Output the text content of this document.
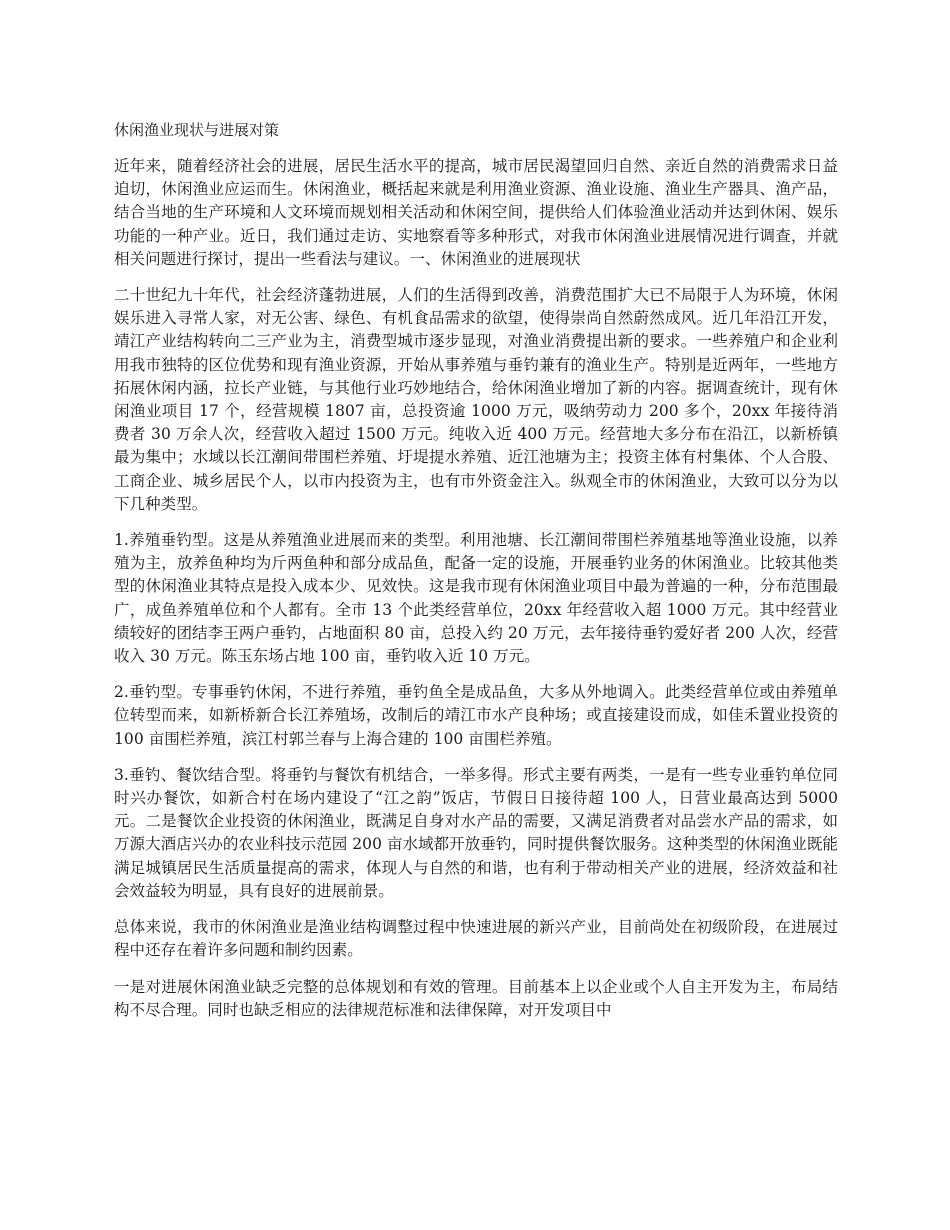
休闲渔业现状与进展对策

近年来，随着经济社会的进展，居民生活水平的提高，城市居民渴望回归自然、亲近自然的消费需求日益迫切，休闲渔业应运而生。休闲渔业，概括起来就是利用渔业资源、渔业设施、渔业生产器具、渔产品，结合当地的生产环境和人文环境而规划相关活动和休闲空间，提供给人们体验渔业活动并达到休闲、娱乐功能的一种产业。近日，我们通过走访、实地察看等多种形式，对我市休闲渔业进展情况进行调查，并就相关问题进行探讨，提出一些看法与建议。一、休闲渔业的进展现状

二十世纪九十年代，社会经济蓬勃进展，人们的生活得到改善，消费范围扩大已不局限于人为环境，休闲娱乐进入寻常人家，对无公害、绿色、有机食品需求的欲望，使得崇尚自然蔚然成风。近几年沿江开发，靖江产业结构转向二三产业为主，消费型城市逐步显现，对渔业消费提出新的要求。一些养殖户和企业利用我市独特的区位优势和现有渔业资源，开始从事养殖与垂钓兼有的渔业生产。特别是近两年，一些地方拓展休闲内涵，拉长产业链，与其他行业巧妙地结合，给休闲渔业增加了新的内容。据调查统计，现有休闲渔业项目 17 个，经营规模 1807 亩，总投资逾 1000 万元，吸纳劳动力 200 多个，20xx 年接待消费者 30 万余人次，经营收入超过 1500 万元。纯收入近 400 万元。经营地大多分布在沿江，以新桥镇最为集中；水域以长江潮间带围栏养殖、圩堤提水养殖、近江池塘为主；投资主体有村集体、个人合股、工商企业、城乡居民个人，以市内投资为主，也有市外资金注入。纵观全市的休闲渔业，大致可以分为以下几种类型。

1.养殖垂钓型。这是从养殖渔业进展而来的类型。利用池塘、长江潮间带围栏养殖基地等渔业设施，以养殖为主，放养鱼种均为斤两鱼种和部分成品鱼，配备一定的设施，开展垂钓业务的休闲渔业。比较其他类型的休闲渔业其特点是投入成本少、见效快。这是我市现有休闲渔业项目中最为普遍的一种，分布范围最广，成鱼养殖单位和个人都有。全市 13 个此类经营单位，20xx 年经营收入超 1000 万元。其中经营业绩较好的团结李王两户垂钓，占地面积 80 亩，总投入约 20 万元，去年接待垂钓爱好者 200 人次，经营收入 30 万元。陈玉东场占地 100 亩，垂钓收入近 10 万元。

2.垂钓型。专事垂钓休闲，不进行养殖，垂钓鱼全是成品鱼，大多从外地调入。此类经营单位或由养殖单位转型而来，如新桥新合长江养殖场，改制后的靖江市水产良种场；或直接建设而成，如佳禾置业投资的 100 亩围栏养殖，滨江村郭兰春与上海合建的 100 亩围栏养殖。

3.垂钓、餐饮结合型。将垂钓与餐饮有机结合，一举多得。形式主要有两类，一是有一些专业垂钓单位同时兴办餐饮，如新合村在场内建设了“江之韵”饭店，节假日日接待超 100 人，日营业最高达到 5000 元。二是餐饮企业投资的休闲渔业，既满足自身对水产品的需要，又满足消费者对品尝水产品的需求，如万源大酒店兴办的农业科技示范园 200 亩水域都开放垂钓，同时提供餐饮服务。这种类型的休闲渔业既能满足城镇居民生活质量提高的需求，体现人与自然的和谐，也有利于带动相关产业的进展，经济效益和社会效益较为明显，具有良好的进展前景。

总体来说，我市的休闲渔业是渔业结构调整过程中快速进展的新兴产业，目前尚处在初级阶段，在进展过程中还存在着许多问题和制约因素。

一是对进展休闲渔业缺乏完整的总体规划和有效的管理。目前基本上以企业或个人自主开发为主，布局结构不尽合理。同时也缺乏相应的法律规范标准和法律保障，对开发项目中
